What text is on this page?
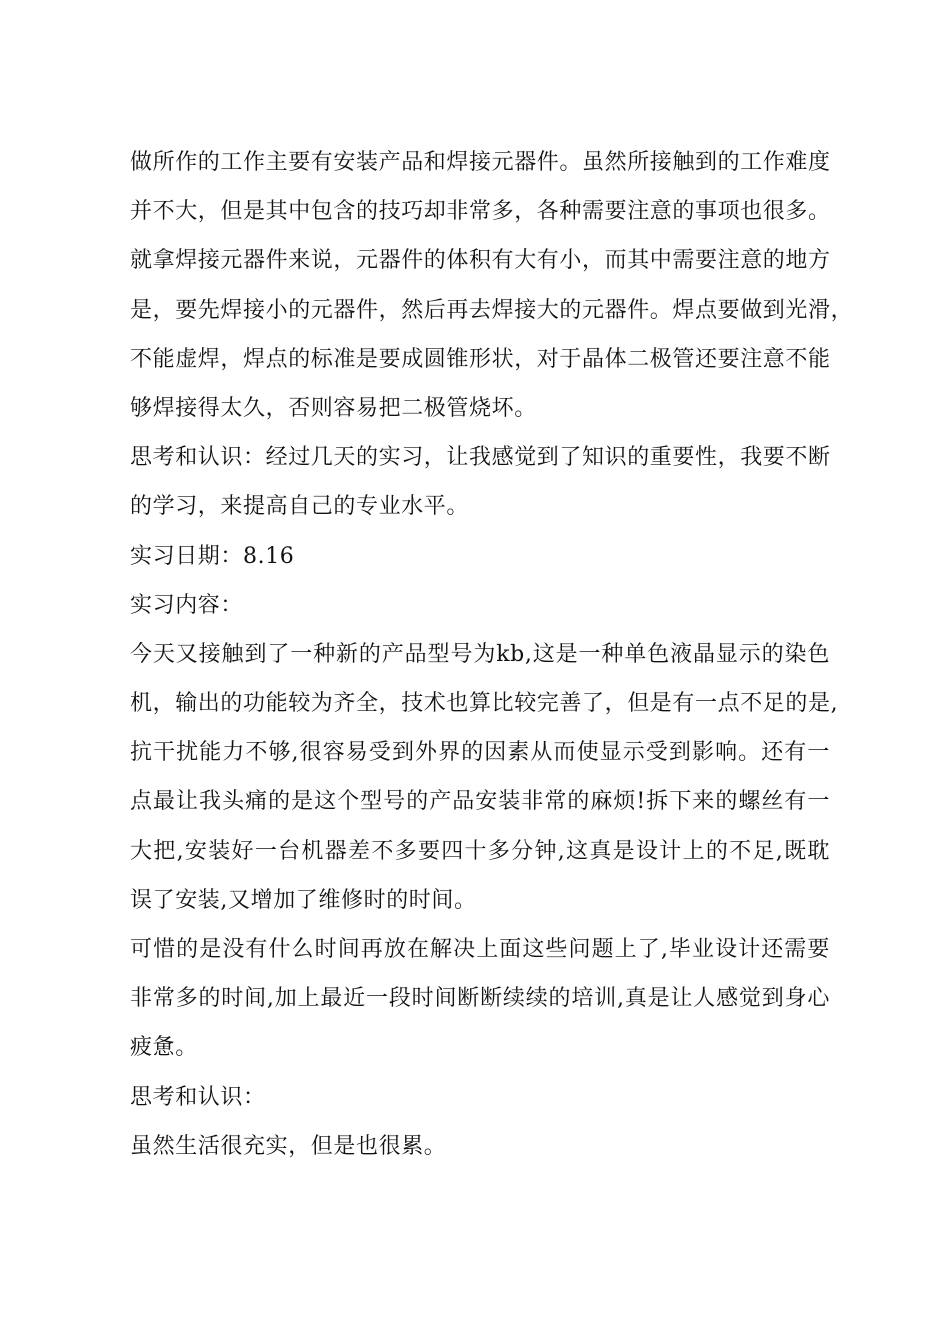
做所作的工作主要有安装产品和焊接元器件。虽然所接触到的工作难度
并不大，但是其中包含的技巧却非常多，各种需要注意的事项也很多。
就拿焊接元器件来说，元器件的体积有大有小，而其中需要注意的地方
是，要先焊接小的元器件，然后再去焊接大的元器件。焊点要做到光滑，
不能虚焊，焊点的标准是要成圆锥形状，对于晶体二极管还要注意不能
够焊接得太久，否则容易把二极管烧坏。
思考和认识：经过几天的实习，让我感觉到了知识的重要性，我要不断
的学习，来提高自己的专业水平。
实习日期：8.16
实习内容：
今天又接触到了一种新的产品型号为kb,这是一种单色液晶显示的染色
机，输出的功能较为齐全，技术也算比较完善了，但是有一点不足的是,
抗干扰能力不够,很容易受到外界的因素从而使显示受到影响。还有一
点最让我头痛的是这个型号的产品安装非常的麻烦!拆下来的螺丝有一
大把,安装好一台机器差不多要四十多分钟,这真是设计上的不足,既耽
误了安装,又增加了维修时的时间。
可惜的是没有什么时间再放在解决上面这些问题上了,毕业设计还需要
非常多的时间,加上最近一段时间断断续续的培训,真是让人感觉到身心
疲惫。
思考和认识：
虽然生活很充实，但是也很累。
